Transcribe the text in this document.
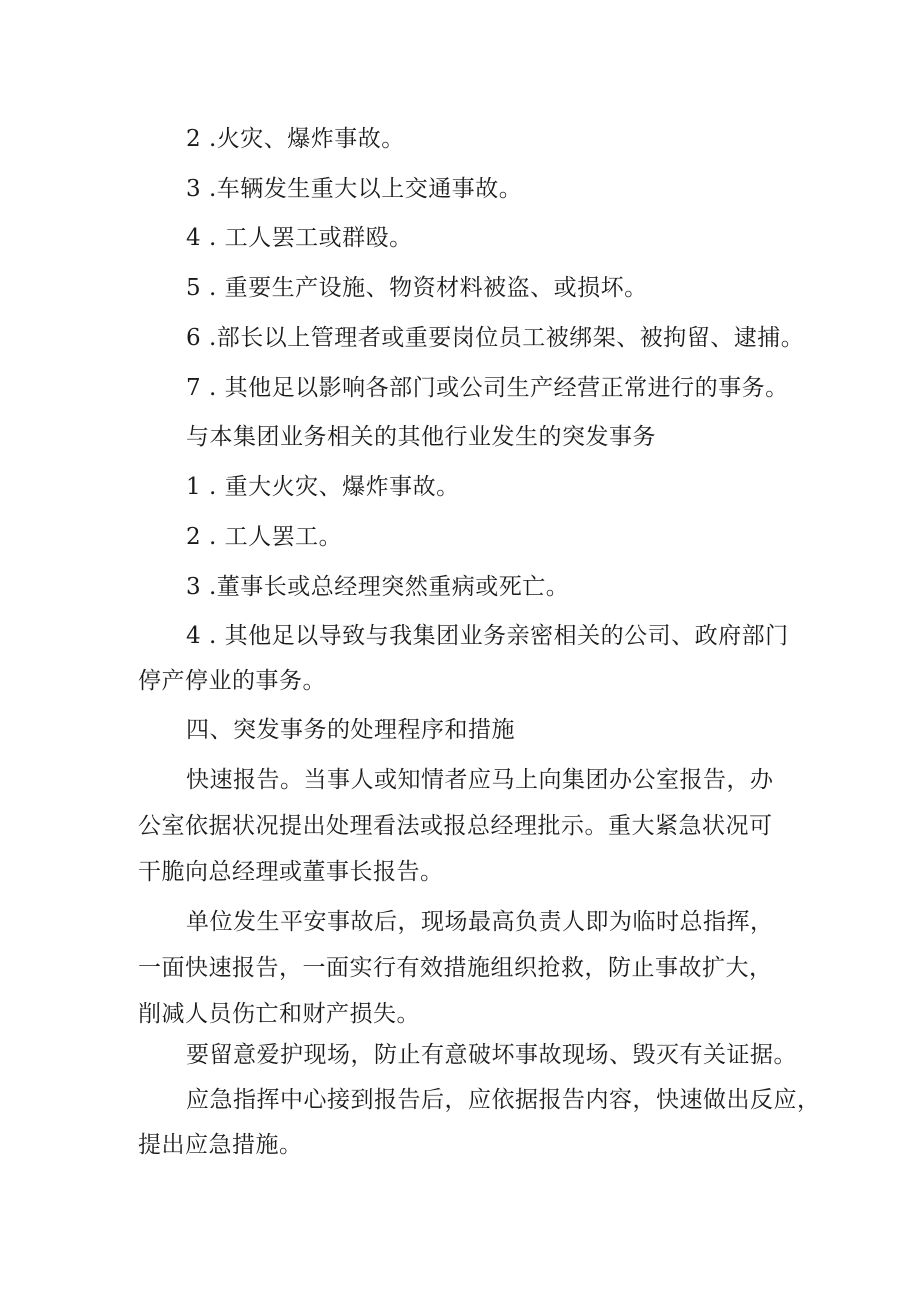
2 .火灾、爆炸事故。
3 .车辆发生重大以上交通事故。
4 . 工人罢工或群殴。
5 . 重要生产设施、物资材料被盗、或损坏。
6 .部长以上管理者或重要岗位员工被绑架、被拘留、逮捕。
7 . 其他足以影响各部门或公司生产经营正常进行的事务。
与本集团业务相关的其他行业发生的突发事务
1 . 重大火灾、爆炸事故。
2 . 工人罢工。
3 .董事长或总经理突然重病或死亡。
4 . 其他足以导致与我集团业务亲密相关的公司、政府部门
停产停业的事务。
四、突发事务的处理程序和措施
快速报告。当事人或知情者应马上向集团办公室报告，办
公室依据状况提出处理看法或报总经理批示。重大紧急状况可
干脆向总经理或董事长报告。
单位发生平安事故后，现场最高负责人即为临时总指挥，
一面快速报告，一面实行有效措施组织抢救，防止事故扩大，
削减人员伤亡和财产损失。
要留意爱护现场，防止有意破坏事故现场、毁灭有关证据。
应急指挥中心接到报告后，应依据报告内容，快速做出反应，
提出应急措施。
